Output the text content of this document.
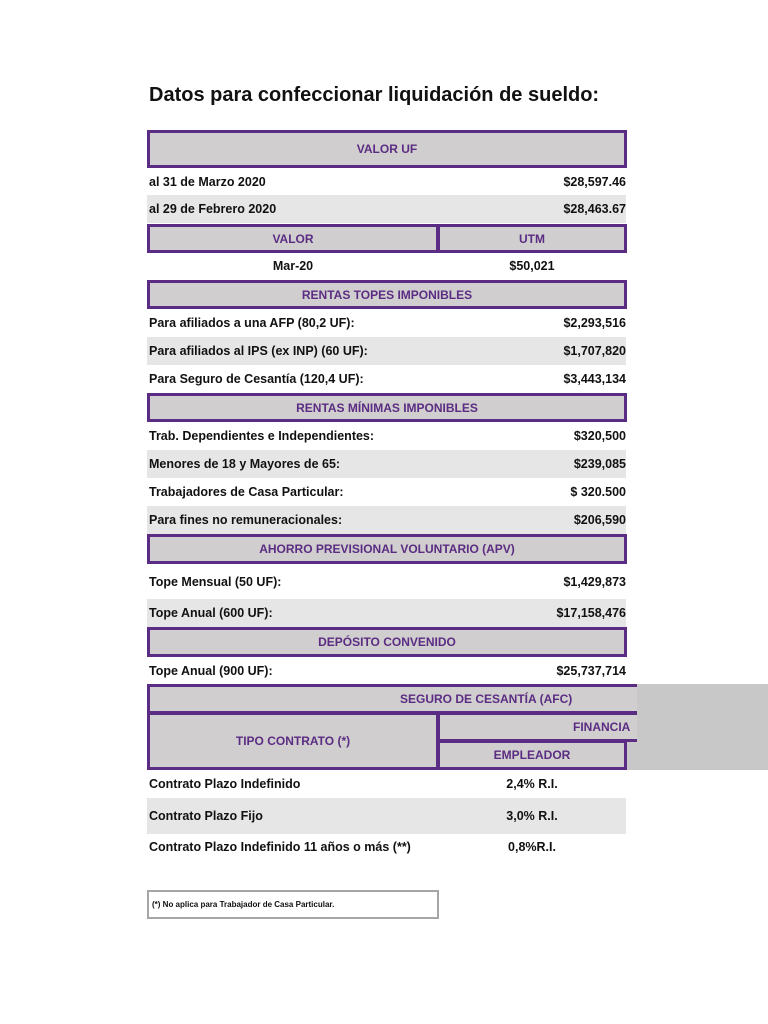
Datos para confeccionar liquidación de sueldo:
VALOR UF
al 31 de Marzo 2020	$28,597.46
al 29 de Febrero 2020	$28,463.67
VALOR	UTM
Mar-20	$50,021
RENTAS TOPES IMPONIBLES
Para afiliados a una AFP (80,2 UF):	$2,293,516
Para afiliados al IPS (ex INP) (60 UF):	$1,707,820
Para Seguro de Cesantía (120,4 UF):	$3,443,134
RENTAS MÍNIMAS IMPONIBLES
Trab. Dependientes e Independientes:	$320,500
Menores de 18 y Mayores de 65:	$239,085
Trabajadores de Casa Particular:	$ 320.500
Para fines no remuneracionales:	$206,590
AHORRO PREVISIONAL VOLUNTARIO (APV)
Tope Mensual (50 UF):	$1,429,873
Tope Anual (600 UF):	$17,158,476
DEPÓSITO CONVENIDO
Tope Anual (900 UF):	$25,737,714
SEGURO DE CESANTÍA (AFC)
TIPO CONTRATO (*)
FINANCIA
EMPLEADOR
Contrato Plazo Indefinido	2,4% R.I.
Contrato Plazo Fijo	3,0% R.I.
Contrato Plazo Indefinido 11 años o más (**)	0,8%R.I.
(*) No aplica para Trabajador de Casa Particular.
